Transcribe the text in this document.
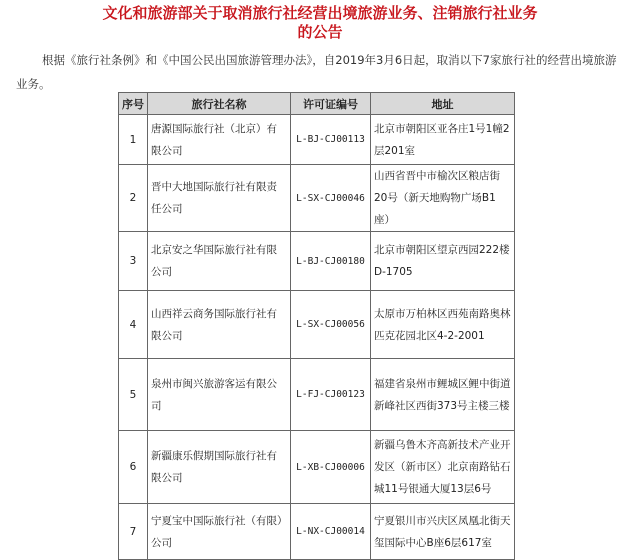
文化和旅游部关于取消旅行社经营出境旅游业务、注销旅行社业务
的公告

根据《旅行社条例》和《中国公民出国旅游管理办法》，自2019年3月6日起，取消以下7家旅行社的经营出境旅游业务。

序号	旅行社名称	许可证编号	地址
1	唐源国际旅行社（北京）有限公司	L-BJ-CJ00113	北京市朝阳区亚各庄1号1幢2层201室
2	晋中大地国际旅行社有限责任公司	L-SX-CJ00046	山西省晋中市榆次区粮店街20号（新天地购物广场B1座）
3	北京安之华国际旅行社有限公司	L-BJ-CJ00180	北京市朝阳区望京西园222楼D-1705
4	山西祥云商务国际旅行社有限公司	L-SX-CJ00056	太原市万柏林区西苑南路奥林匹克花园北区4-2-2001
5	泉州市闽兴旅游客运有限公司	L-FJ-CJ00123	福建省泉州市鲤城区鲤中街道新峰社区西街373号主楼三楼
6	新疆康乐假期国际旅行社有限公司	L-XB-CJ00006	新疆乌鲁木齐高新技术产业开发区（新市区）北京南路钻石城11号银通大厦13层6号
7	宁夏宝中国际旅行社（有限）公司	L-NX-CJ00014	宁夏银川市兴庆区凤凰北街天玺国际中心B座6层617室
